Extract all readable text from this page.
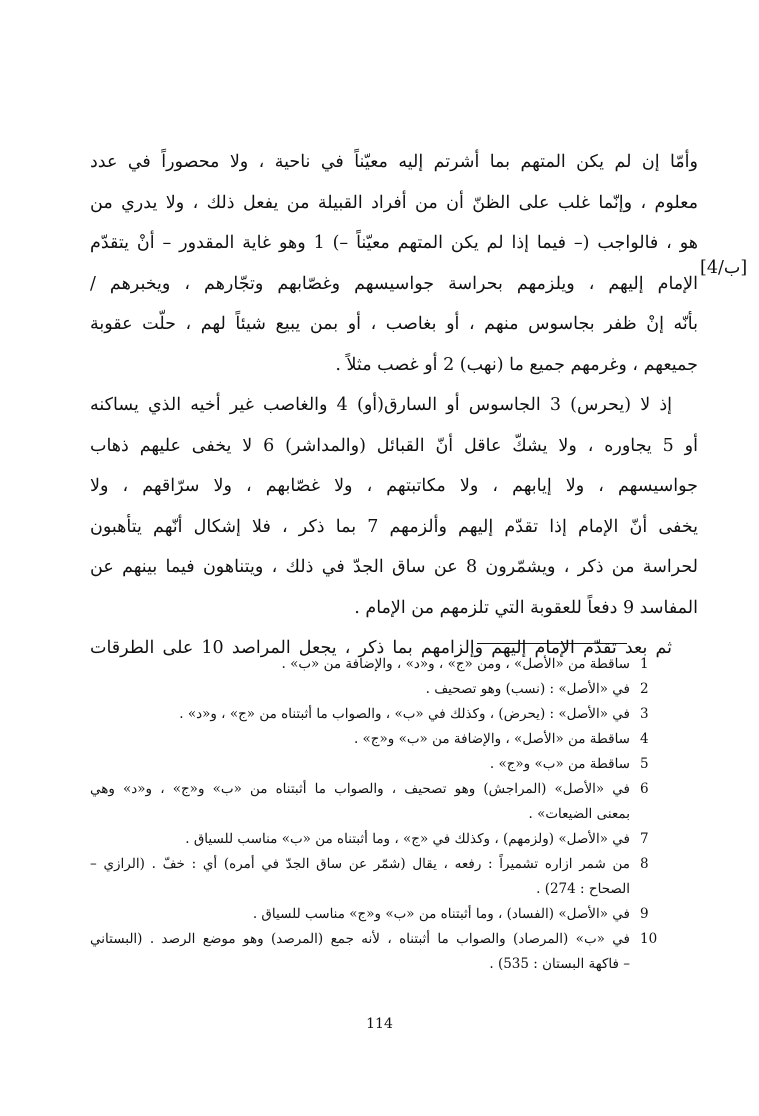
وأمّا إن لم يكن المتهم بما أشرتم إليه معيّناً في ناحية ، ولا محصوراً في عدد
معلوم ، وإنّما غلب على الظنّ أن من أفراد القبيلة من يفعل ذلك ، ولا يدري من
هو ، فالواجب (– فيما إذا لم يكن المتهم معيّناً –) 1 وهو غاية المقدور – أنْ يتقدّم
الإمام إليهم ، ويلزمهم بحراسة جواسيسهم وغصّابهم وتجّارهم ، ويخبرهم /
بأنّه إنْ ظفر بجاسوس منهم ، أو بغاصب ، أو بمن يبيع شيئاً لهم ، حلّت عقوبة
جميعهم ، وغرمهم جميع ما (نهب) 2 أو غصب مثلاً .
إذ لا (يحرس) 3 الجاسوس أو السارق(أو) 4 والغاصب غير أخيه الذي يساكنه
أو 5 يجاوره ، ولا يشكّ عاقل أنّ القبائل (والمداشر) 6 لا يخفى عليهم ذهاب
جواسيسهم ، ولا إيابهم ، ولا مكاتبتهم ، ولا غصّابهم ، ولا سرّاقهم ، ولا
يخفى أنّ الإمام إذا تقدّم إليهم وألزمهم 7 بما ذكر ، فلا إشكال أنّهم يتأهبون
لحراسة من ذكر ، ويشمّرون 8 عن ساق الجدّ في ذلك ، ويتناهون فيما بينهم عن
المفاسد 9 دفعاً للعقوبة التي تلزمهم من الإمام .
ثم بعد تقدّم الإمام إليهم وإلزامهم بما ذكر ، يجعل المراصد 10 على الطرقات
[4/ب]
1
ساقطة من «الأصل» ، ومن «ج» ، و«د» ، والإضافة من «ب» .
2
في «الأصل» : (نسب) وهو تصحيف .
3
في «الأصل» : (يحرض) ، وكذلك في «ب» ، والصواب ما أثبتناه من «ج» ، و«د» .
4
ساقطة من «الأصل» ، والإضافة من «ب» و«ج» .
5
ساقطة من «ب» و«ج» .
6
في «الأصل» (المراجش) وهو تصحيف ، والصواب ما أثبتناه من «ب» و«ج» ، و«د» وهي
بمعنى الضيعات» .
7
في «الأصل» (ولزمهم) ، وكذلك في «ج» ، وما أثبتناه من «ب» مناسب للسياق .
8
من شمر ازاره تشميراً : رفعه ، يقال (شمّر عن ساق الجدّ في أمره) أي : خفّ . (الرازي –
الصحاح : 274) .
9
في «الأصل» (الفساد) ، وما أثبتناه من «ب» و«ج» مناسب للسياق .
10
في «ب» (المرصاد) والصواب ما أثبتناه ، لأنه جمع (المرصد) وهو موضع الرصد . (البستاني
– فاكهة البستان : 535) .
114
